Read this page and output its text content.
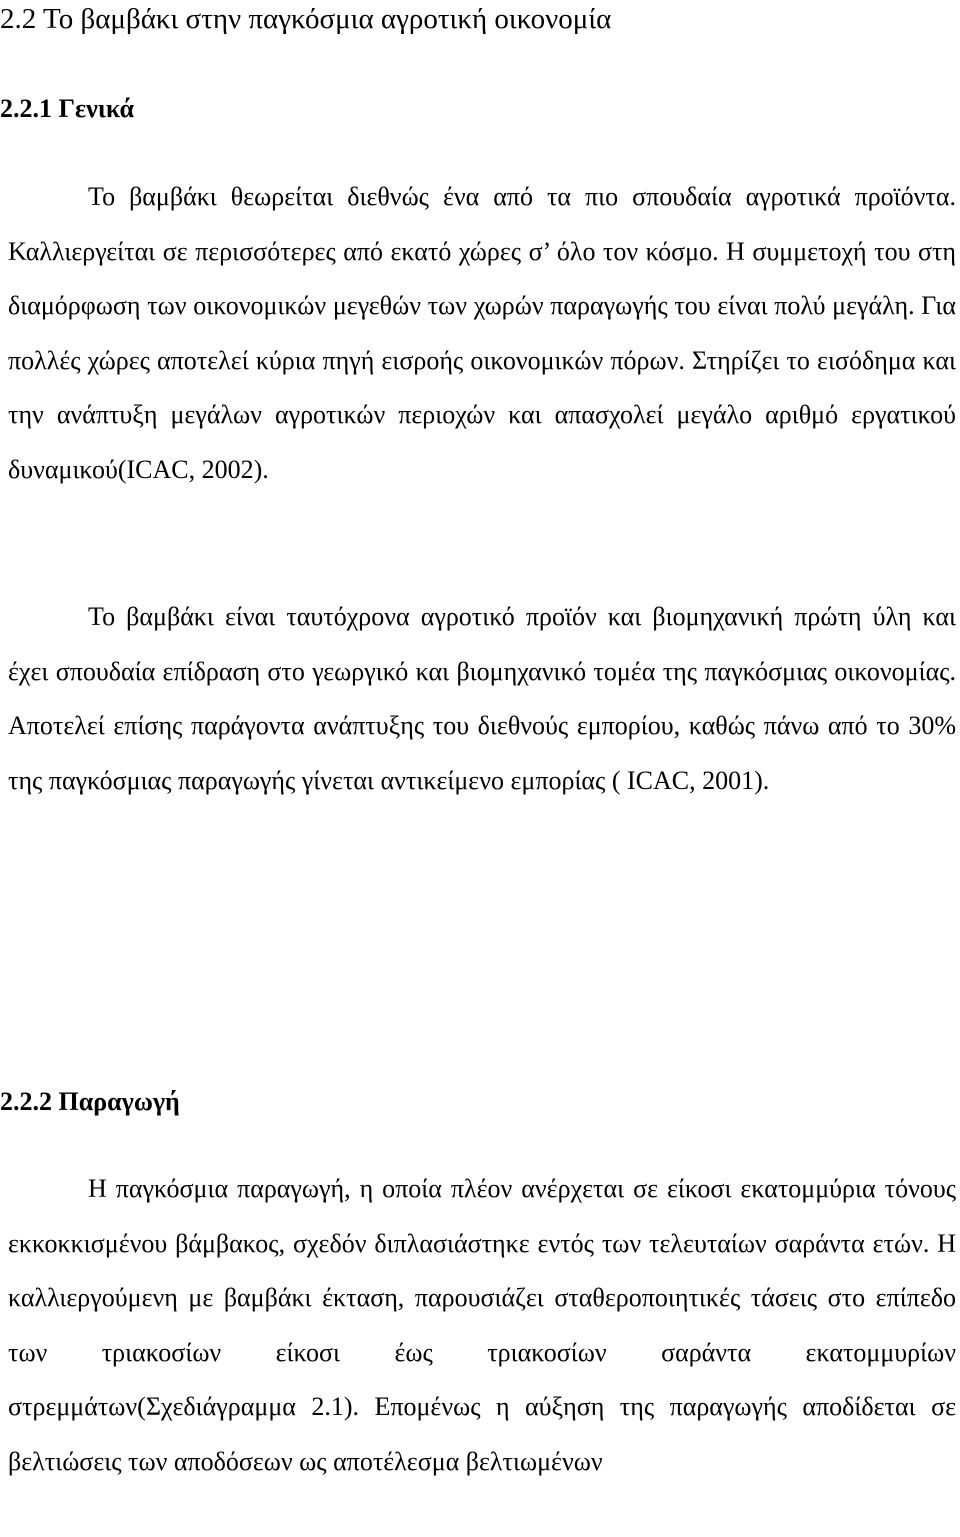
2.2 Το βαμβάκι στην παγκόσμια αγροτική οικονομία
2.2.1 Γενικά

Το βαμβάκι θεωρείται διεθνώς ένα από τα πιο σπουδαία αγροτικά προϊόντα. Καλλιεργείται σε περισσότερες από εκατό χώρες σ’ όλο τον κόσμο. Η συμμετοχή του στη διαμόρφωση των οικονομικών μεγεθών των χωρών παραγωγής του είναι πολύ μεγάλη. Για πολλές χώρες αποτελεί κύρια πηγή εισροής οικονομικών πόρων. Στηρίζει το εισόδημα και την ανάπτυξη μεγάλων αγροτικών περιοχών και απασχολεί μεγάλο αριθμό εργατικού δυναμικού(ICAC, 2002).

Το βαμβάκι είναι ταυτόχρονα αγροτικό προϊόν και βιομηχανική πρώτη ύλη και έχει σπουδαία επίδραση στο γεωργικό και βιομηχανικό τομέα της παγκόσμιας οικονομίας. Αποτελεί επίσης παράγοντα ανάπτυξης του διεθνούς εμπορίου, καθώς πάνω από το 30% της παγκόσμιας παραγωγής γίνεται αντικείμενο εμπορίας ( ICAC, 2001).

2.2.2 Παραγωγή

Η παγκόσμια παραγωγή, η οποία πλέον ανέρχεται σε είκοσι εκατομμύρια τόνους εκκοκκισμένου βάμβακος, σχεδόν διπλασιάστηκε εντός των τελευταίων σαράντα ετών. Η καλλιεργούμενη με βαμβάκι έκταση, παρουσιάζει σταθεροποιητικές τάσεις στο επίπεδο των τριακοσίων είκοσι έως τριακοσίων σαράντα εκατομμυρίων στρεμμάτων(Σχεδιάγραμμα 2.1). Επομένως η αύξηση της παραγωγής αποδίδεται σε βελτιώσεις των αποδόσεων ως αποτέλεσμα βελτιωμένων
